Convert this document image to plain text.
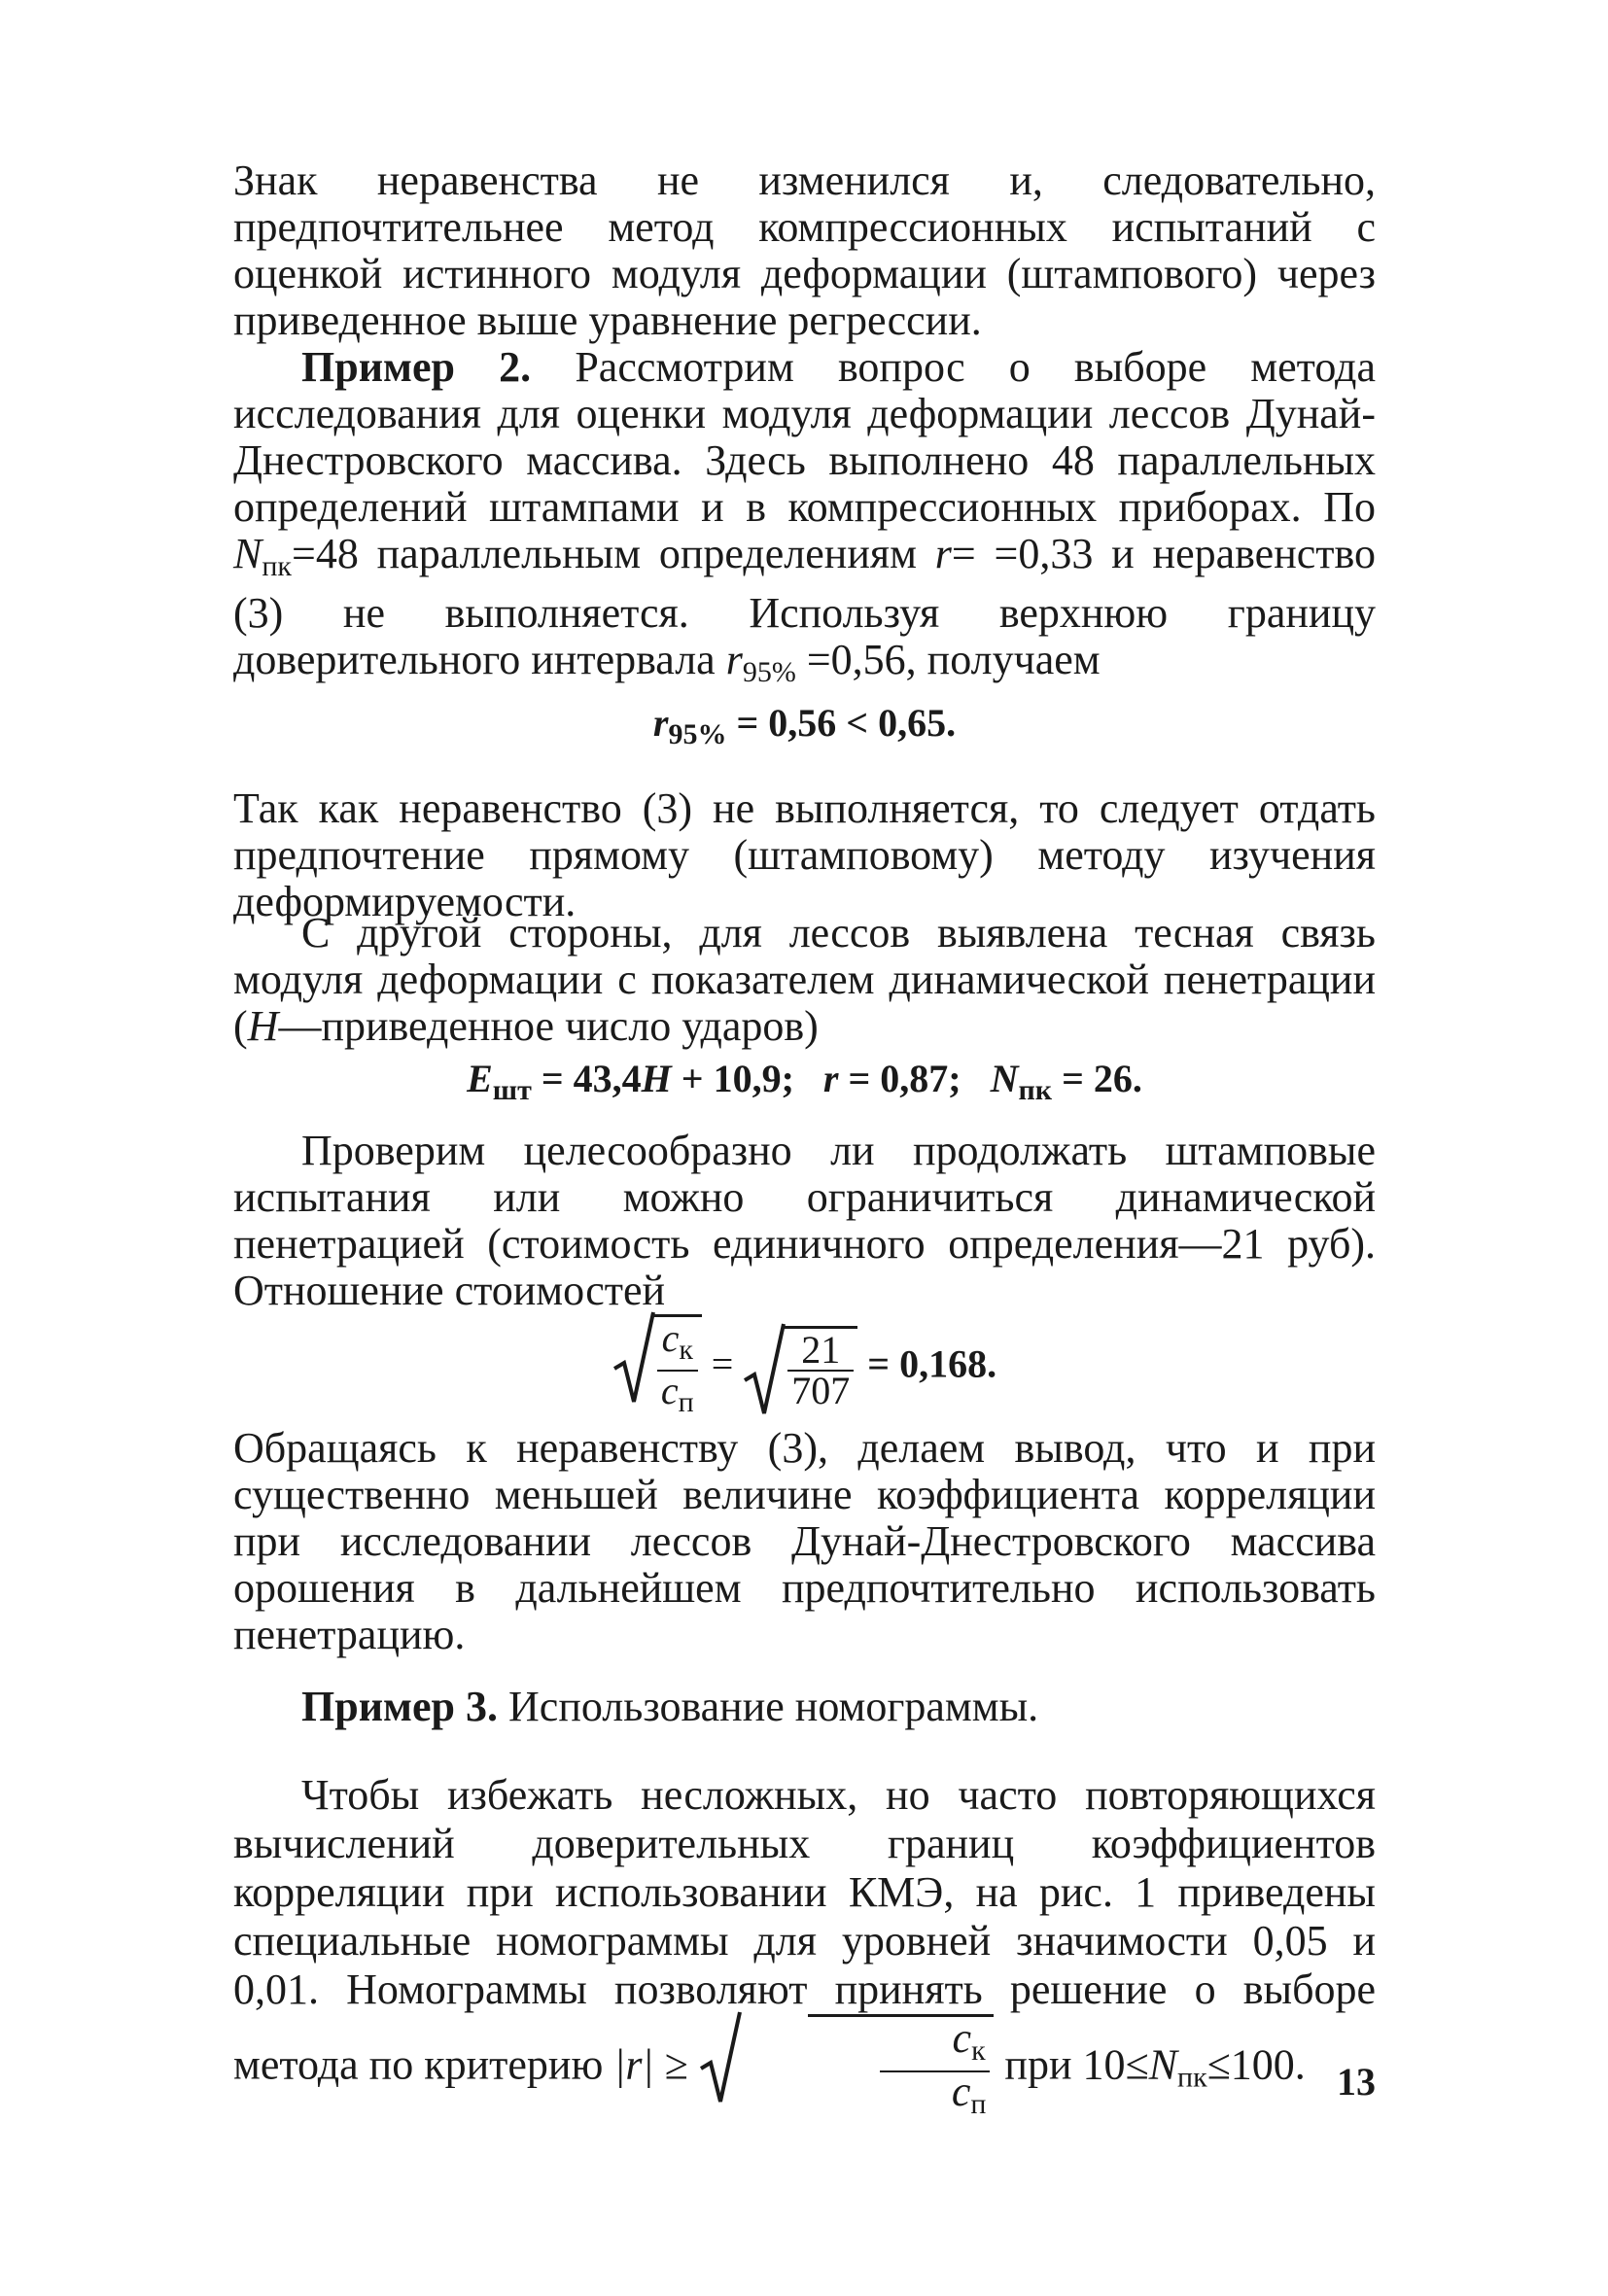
Знак неравенства не изменился и, следовательно, предпочтительнее метод компрессионных испытаний с оценкой истинного модуля деформации (штампового) через приведенное выше уравнение регрессии.

Пример 2. Рассмотрим вопрос о выборе метода исследования для оценки модуля деформации лессов Дунай-Днестровского массива. Здесь выполнено 48 параллельных определений штампами и в компрессионных приборах. По $N_{пк}=48$ параллельным определениям r= =0,33 и неравенство (3) не выполняется. Используя верхнюю границу доверительного интервала $r_{95\%} =0,56$, получаем

$r_{95\%} = 0,56 < 0,65$.

Так как неравенство (3) не выполняется, то следует отдать предпочтение прямому (штамповому) методу изучения деформируемости.

С другой стороны, для лессов выявлена тесная связь модуля деформации с показателем динамической пенетрации (H—приведенное число ударов)

$E_{шт} = 43,4H + 10,9$;   r = 0,87;   $N_{пк} = 26$.

Проверим целесообразно ли продолжать штамповые испытания или можно ограничиться динамической пенетрацией (стоимость единичного определения—21 руб). Отношение стоимостей

$\frac{c_к}{c_п} = \frac{21}{707} = 0,168$.

Обращаясь к неравенству (3), делаем вывод, что и при существенно меньшей величине коэффициента корреляции при исследовании лессов Дунай-Днестровского массива орошения в дальнейшем предпочтительно использовать пенетрацию.

Пример 3. Использование номограммы.

Чтобы избежать несложных, но часто повторяющихся вычислений доверительных границ коэффициентов корреляции при использовании КМЭ, на рис. 1 приведены специальные номограммы для уровней значимости 0,05 и 0,01. Номограммы позволяют принять решение о выборе метода по критерию |r| ≥	$\frac{c_к}{c_п}$ при $10\le N_{пк}\le 100$. 13
